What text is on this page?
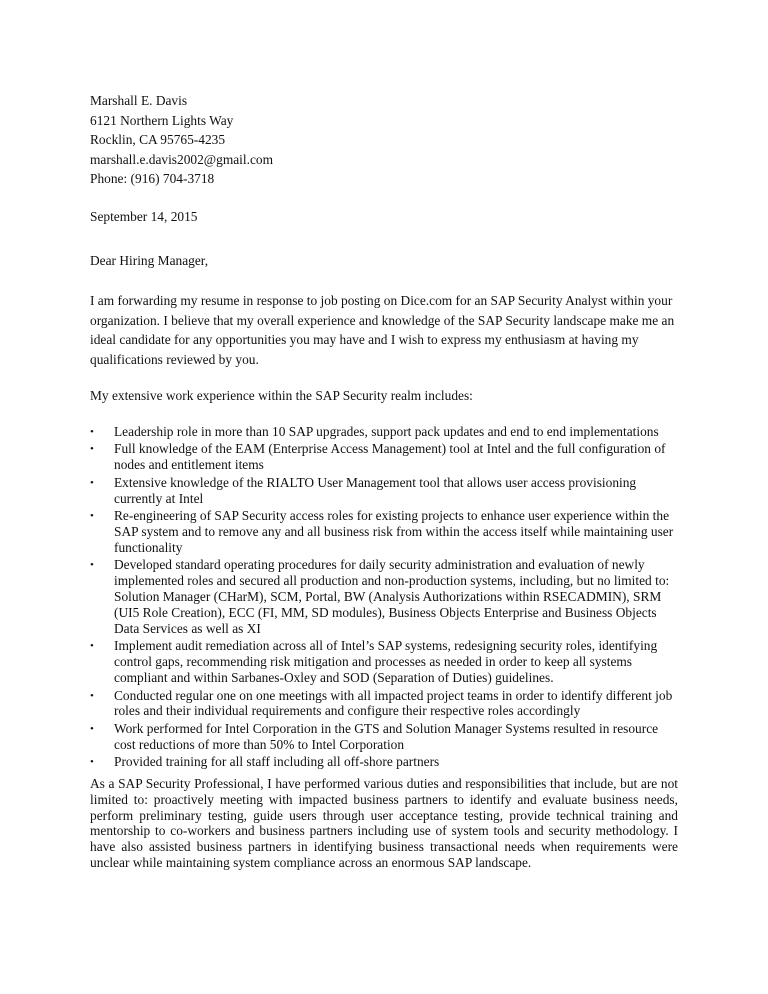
Marshall E. Davis
6121 Northern Lights Way
Rocklin, CA 95765-4235
marshall.e.davis2002@gmail.com
Phone: (916) 704-3718
September 14, 2015
Dear Hiring Manager,

I am forwarding my resume in response to job posting on Dice.com for an SAP Security Analyst within your organization. I believe that my overall experience and knowledge of the SAP Security landscape make me an ideal candidate for any opportunities you may have and I wish to express my enthusiasm at having my qualifications reviewed by you.

My extensive work experience within the SAP Security realm includes:
• Leadership role in more than 10 SAP upgrades, support pack updates and end to end implementations
• Full knowledge of the EAM (Enterprise Access Management) tool at Intel and the full configuration of nodes and entitlement items
• Extensive knowledge of the RIALTO User Management tool that allows user access provisioning currently at Intel
• Re-engineering of SAP Security access roles for existing projects to enhance user experience within the SAP system and to remove any and all business risk from within the access itself while maintaining user functionality
• Developed standard operating procedures for daily security administration and evaluation of newly implemented roles and secured all production and non-production systems, including, but no limited to: Solution Manager (CHarM), SCM, Portal, BW (Analysis Authorizations within RSECADMIN), SRM (UI5 Role Creation), ECC (FI, MM, SD modules), Business Objects Enterprise and Business Objects Data Services as well as XI
• Implement audit remediation across all of Intel’s SAP systems, redesigning security roles, identifying control gaps, recommending risk mitigation and processes as needed in order to keep all systems compliant and within Sarbanes-Oxley and SOD (Separation of Duties) guidelines.
• Conducted regular one on one meetings with all impacted project teams in order to identify different job roles and their individual requirements and configure their respective roles accordingly
• Work performed for Intel Corporation in the GTS and Solution Manager Systems resulted in resource cost reductions of more than 50% to Intel Corporation
• Provided training for all staff including all off-shore partners

As a SAP Security Professional, I have performed various duties and responsibilities that include, but are not limited to: proactively meeting with impacted business partners to identify and evaluate business needs, perform preliminary testing, guide users through user acceptance testing, provide technical training and mentorship to co-workers and business partners including use of system tools and security methodology. I have also assisted business partners in identifying business transactional needs when requirements were unclear while maintaining system compliance across an enormous SAP landscape.
